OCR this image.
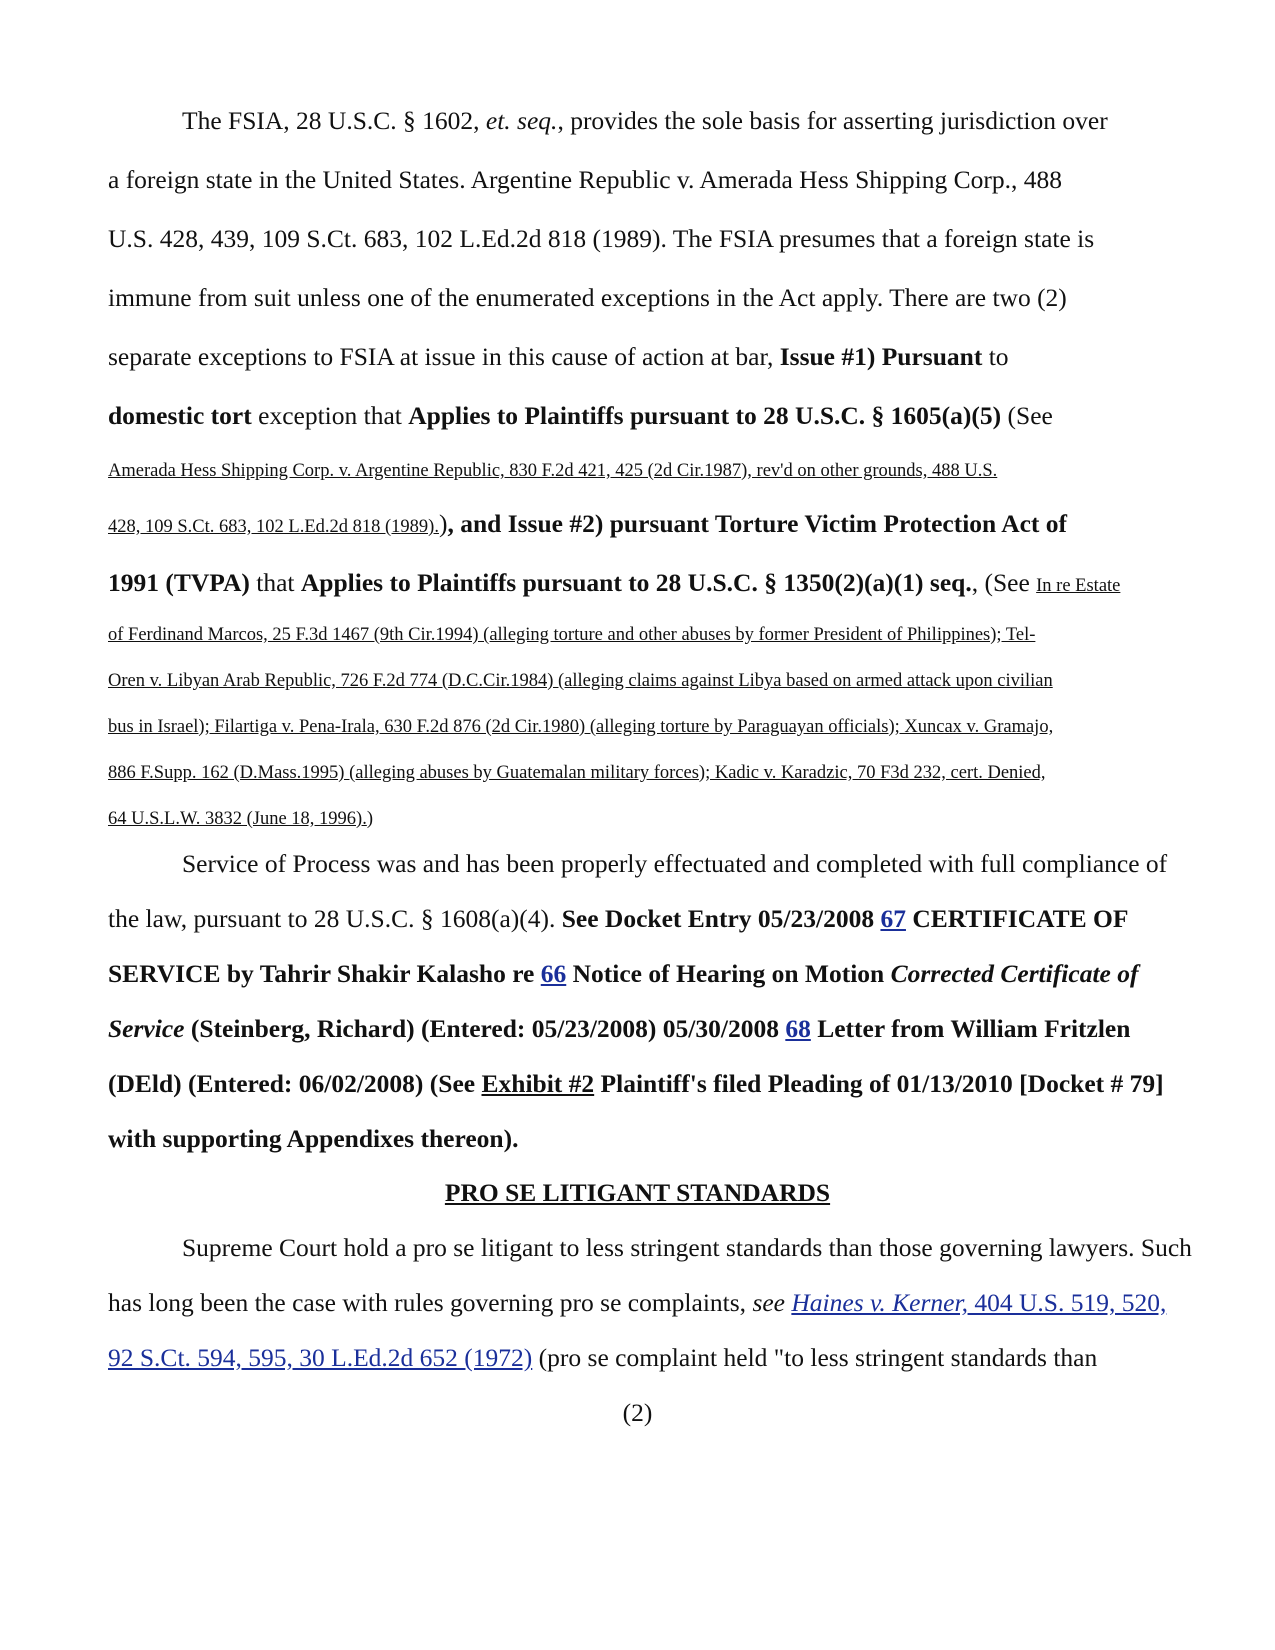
The FSIA, 28 U.S.C. § 1602, et. seq., provides the sole basis for asserting jurisdiction over
a foreign state in the United States. Argentine Republic v. Amerada Hess Shipping Corp., 488
U.S. 428, 439, 109 S.Ct. 683, 102 L.Ed.2d 818 (1989). The FSIA presumes that a foreign state is
immune from suit unless one of the enumerated exceptions in the Act apply. There are two (2)
separate exceptions to FSIA at issue in this cause of action at bar, Issue #1) Pursuant to
domestic tort exception that Applies to Plaintiffs pursuant to 28 U.S.C. § 1605(a)(5) (See
Amerada Hess Shipping Corp. v. Argentine Republic, 830 F.2d 421, 425 (2d Cir.1987), rev'd on other grounds, 488 U.S.
428, 109 S.Ct. 683, 102 L.Ed.2d 818 (1989).), and Issue #2) pursuant Torture Victim Protection Act of
1991 (TVPA) that Applies to Plaintiffs pursuant to 28 U.S.C. § 1350(2)(a)(1) seq., (See In re Estate
of Ferdinand Marcos, 25 F.3d 1467 (9th Cir.1994) (alleging torture and other abuses by former President of Philippines); Tel-
Oren v. Libyan Arab Republic, 726 F.2d 774 (D.C.Cir.1984) (alleging claims against Libya based on armed attack upon civilian
bus in Israel); Filartiga v. Pena-Irala, 630 F.2d 876 (2d Cir.1980) (alleging torture by Paraguayan officials); Xuncax v. Gramajo,
886 F.Supp. 162 (D.Mass.1995) (alleging abuses by Guatemalan military forces); Kadic v. Karadzic, 70 F3d 232, cert. Denied,
64 U.S.L.W. 3832 (June 18, 1996).)
Service of Process was and has been properly effectuated and completed with full compliance of
the law, pursuant to 28 U.S.C. § 1608(a)(4). See Docket Entry 05/23/2008 67 CERTIFICATE OF
SERVICE by Tahrir Shakir Kalasho re 66 Notice of Hearing on Motion Corrected Certificate of
Service (Steinberg, Richard) (Entered: 05/23/2008) 05/30/2008 68 Letter from William Fritzlen
(DEld) (Entered: 06/02/2008) (See Exhibit #2 Plaintiff's filed Pleading of 01/13/2010 [Docket # 79]
with supporting Appendixes thereon).
PRO SE LITIGANT STANDARDS
Supreme Court hold a pro se litigant to less stringent standards than those governing lawyers. Such
has long been the case with rules governing pro se complaints, see Haines v. Kerner, 404 U.S. 519, 520,
92 S.Ct. 594, 595, 30 L.Ed.2d 652 (1972) (pro se complaint held "to less stringent standards than
(2)
